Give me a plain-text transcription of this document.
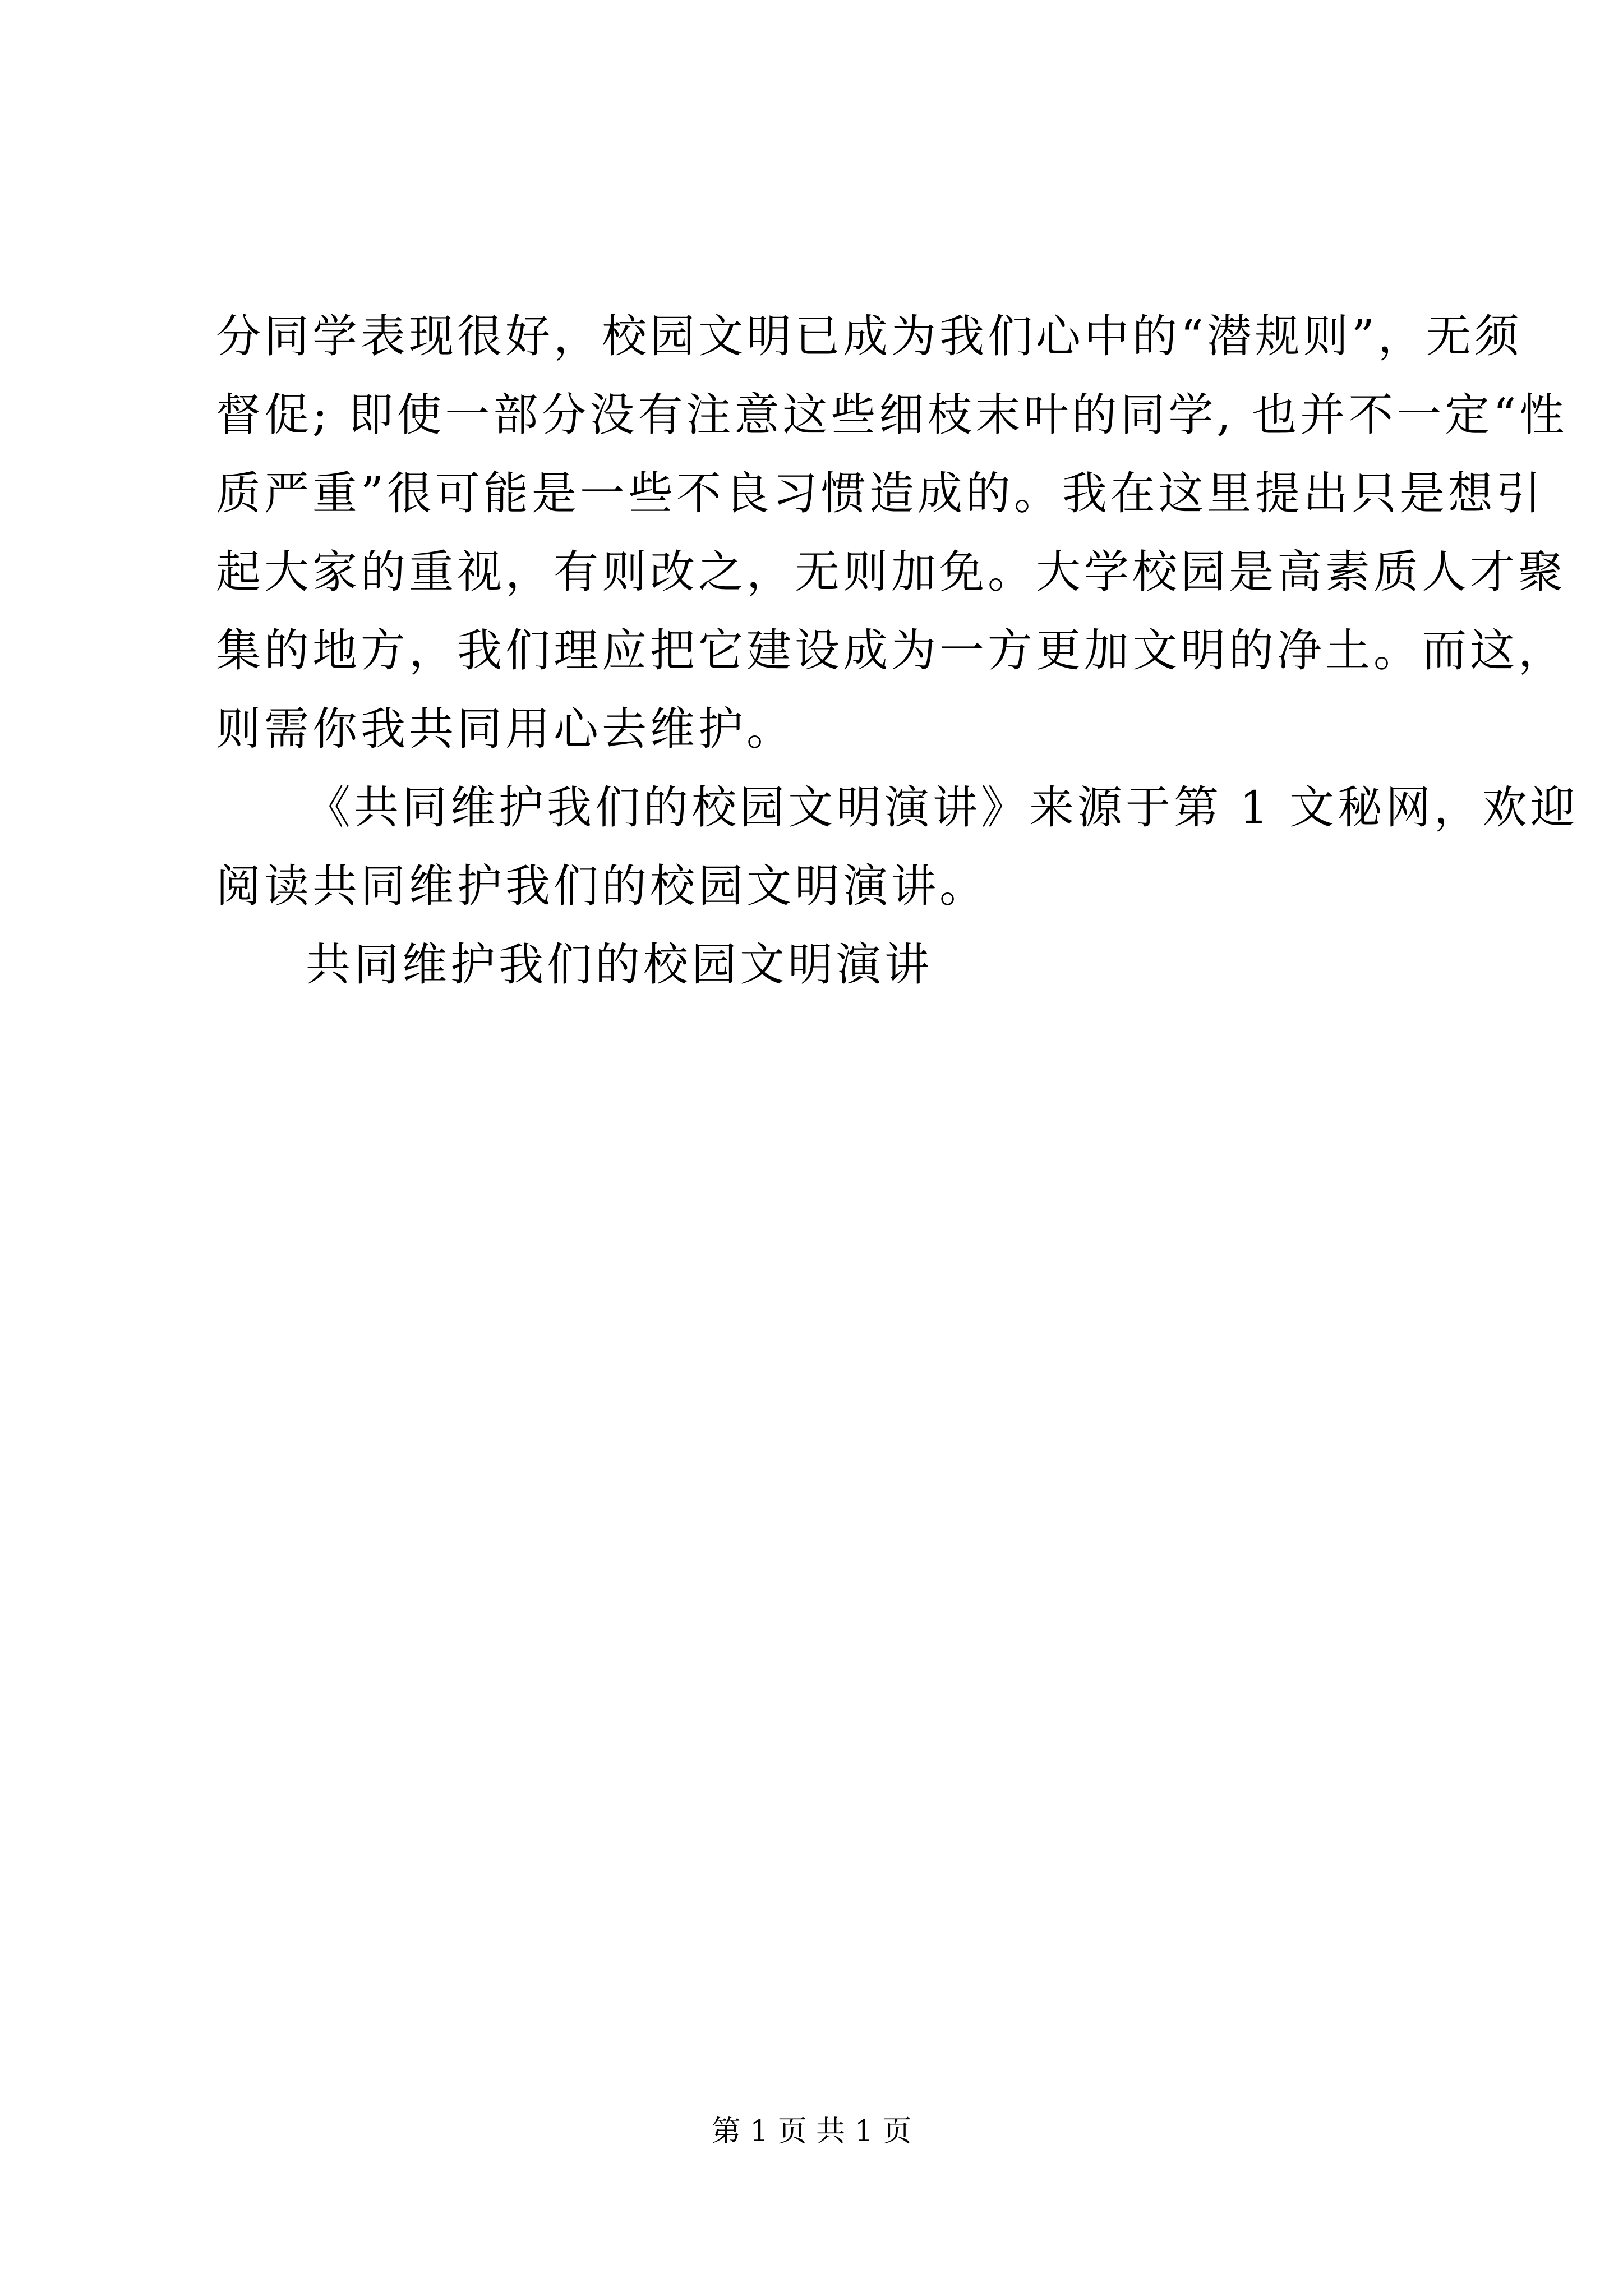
分同学表现很好，校园文明已成为我们心中的“潜规则”，无须
督促; 即使一部分没有注意这些细枝末叶的同学, 也并不一定“性
质严重”很可能是一些不良习惯造成的。我在这里提出只是想引
起大家的重视，有则改之，无则加免。大学校园是高素质人才聚
集的地方，我们理应把它建设成为一方更加文明的净土。而这，
则需你我共同用心去维护。
《共同维护我们的校园文明演讲》来源于第 1 文秘网，欢迎
阅读共同维护我们的校园文明演讲。
共同维护我们的校园文明演讲
第 1 页 共 1 页
